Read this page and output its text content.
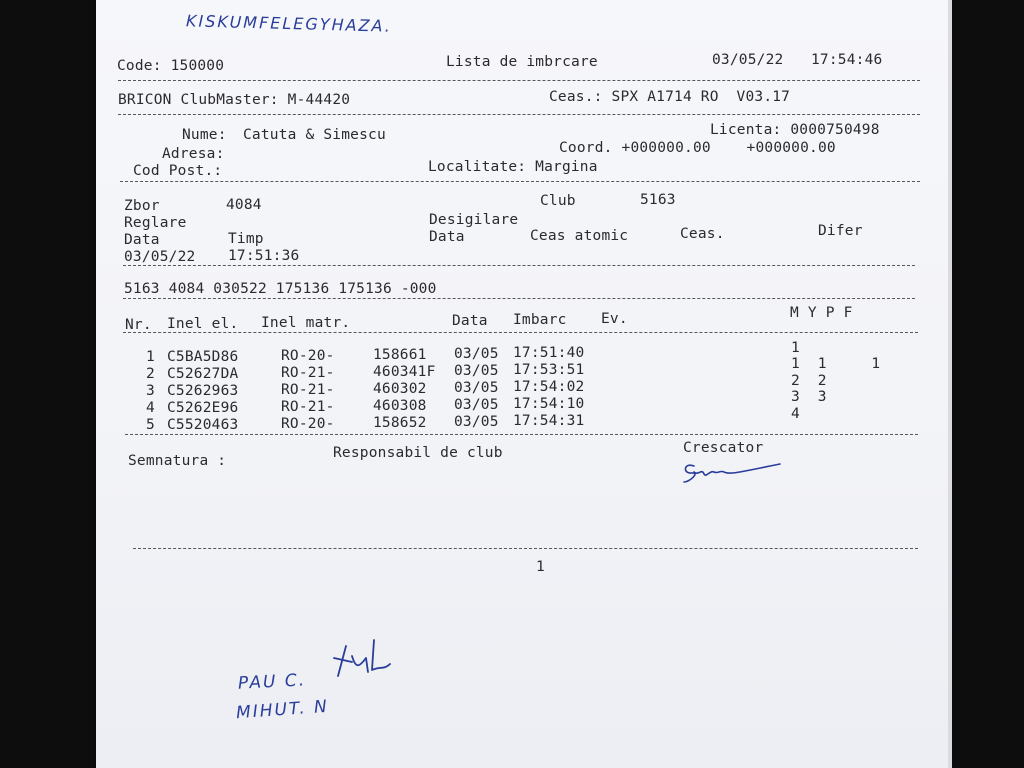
KISKUMFELEGYHAZA.
Code: 150000	Lista de imbrcare	03/05/22 17:54:46
BRICON ClubMaster: M-44420	Ceas.: SPX A1714 RO  V03.17
Nume: Catuta & Simescu	Licenta: 0000750498
Adresa:	Coord. +000000.00    +000000.00
Cod Post.:	Localitate: Margina
Zbor	4084	Club	5163
Reglare	Desigilare
Data	Timp	Data	Ceas atomic	Ceas.	Difer
03/05/22 17:51:36
5163 4084 030522 175136 175136 -000
Nr. Inel el. Inel matr.	Data Imbarc Ev.	M Y P F
1 C5BA5D86	RO-20-	158661 03/05 17:51:40	1
2 C52627DA	RO-21-	460341F 03/05 17:53:51	1  1     1
3 C5262963	RO-21-	460302 03/05 17:54:02	2  2
4 C5262E96	RO-21-	460308 03/05 17:54:10	3  3
5 C5520463	RO-20-	158652 03/05 17:54:31	4
Semnatura :	Responsabil de club	Crescator
1
PAU C.
MIHUT. N
